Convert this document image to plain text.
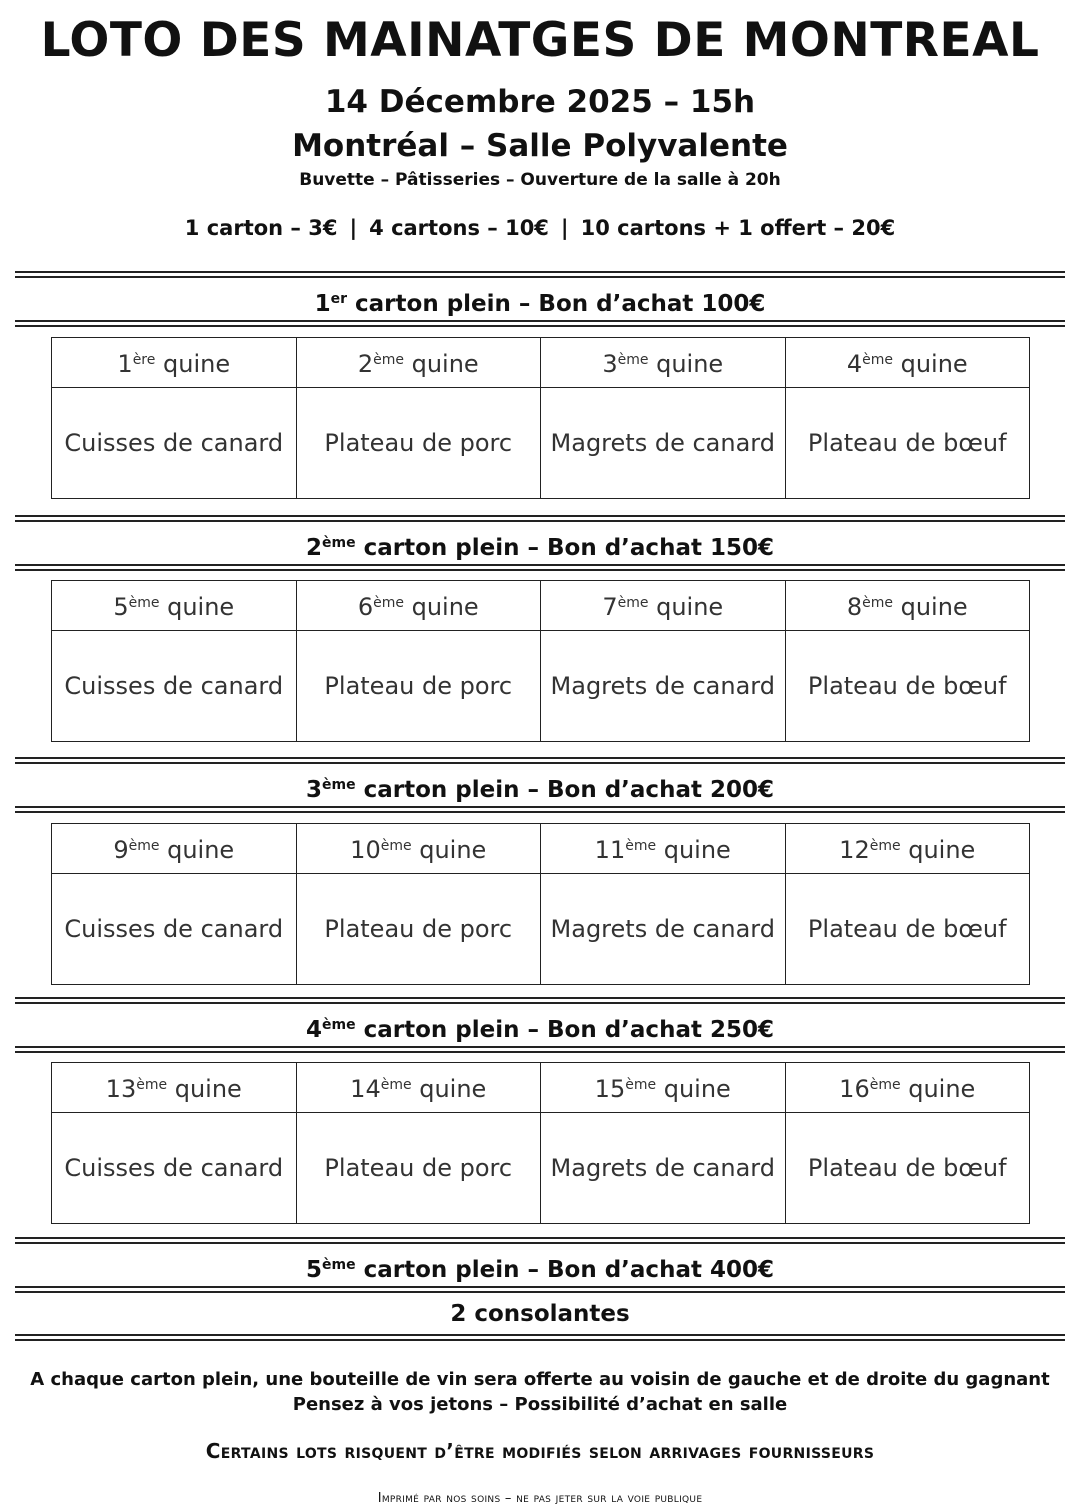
LOTO DES MAINATGES DE MONTREAL
14 Décembre 2025 – 15h
Montréal – Salle Polyvalente
Buvette – Pâtisseries – Ouverture de la salle à 20h
1 carton – 3€ | 4 cartons – 10€ | 10 cartons + 1 offert – 20€
1er carton plein – Bon d’achat 100€
1ère quine	2ème quine	3ème quine	4ème quine
Cuisses de canard	Plateau de porc	Magrets de canard	Plateau de bœuf
2ème carton plein – Bon d’achat 150€
5ème quine	6ème quine	7ème quine	8ème quine
Cuisses de canard	Plateau de porc	Magrets de canard	Plateau de bœuf
3ème carton plein – Bon d’achat 200€
9ème quine	10ème quine	11ème quine	12ème quine
Cuisses de canard	Plateau de porc	Magrets de canard	Plateau de bœuf
4ème carton plein – Bon d’achat 250€
13ème quine	14ème quine	15ème quine	16ème quine
Cuisses de canard	Plateau de porc	Magrets de canard	Plateau de bœuf
5ème carton plein – Bon d’achat 400€
2 consolantes
A chaque carton plein, une bouteille de vin sera offerte au voisin de gauche et de droite du gagnant
Pensez à vos jetons – Possibilité d’achat en salle
Certains lots risquent d’être modifiés selon arrivages fournisseurs
Imprimé par nos soins – ne pas jeter sur la voie publique
